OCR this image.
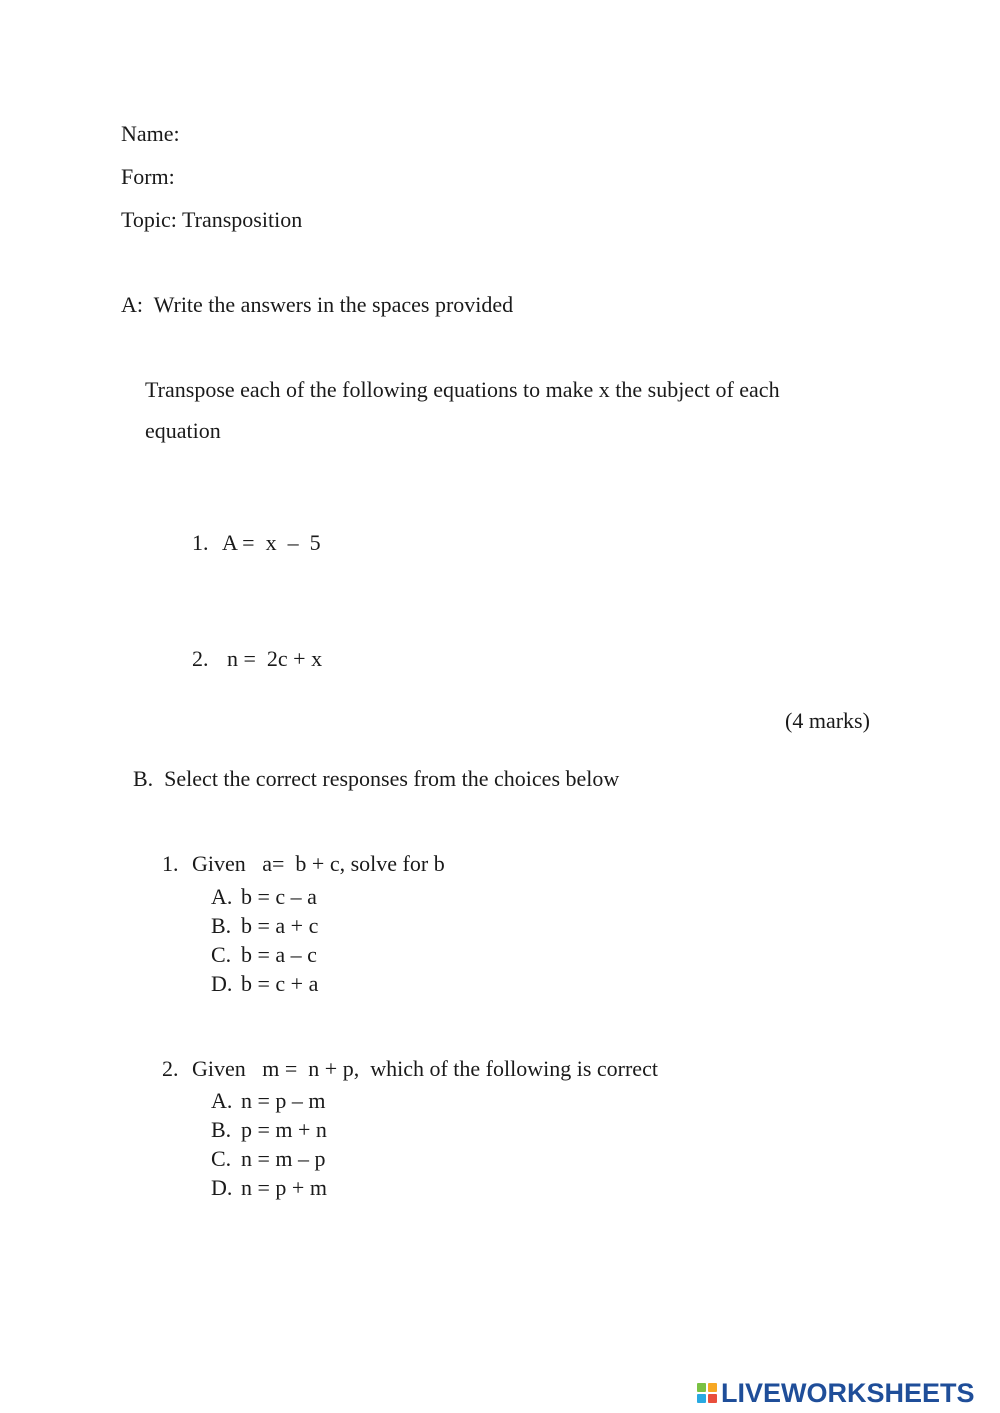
Name:
Form:
Topic: Transposition
A:  Write the answers in the spaces provided
Transpose each of the following equations to make x the subject of each
equation

1. A =  x  –  5

2. n =  2c + x

(4 marks)
B.  Select the correct responses from the choices below

1. Given   a=  b + c, solve for b

A. b = c – a
B. b = a + c
C. b = a – c
D. b = c + a

2. Given   m =  n + p,  which of the following is correct

A. n = p – m
B. p = m + n
C. n = m – p
D. n = p + m
LIVEWORKSHEETS
